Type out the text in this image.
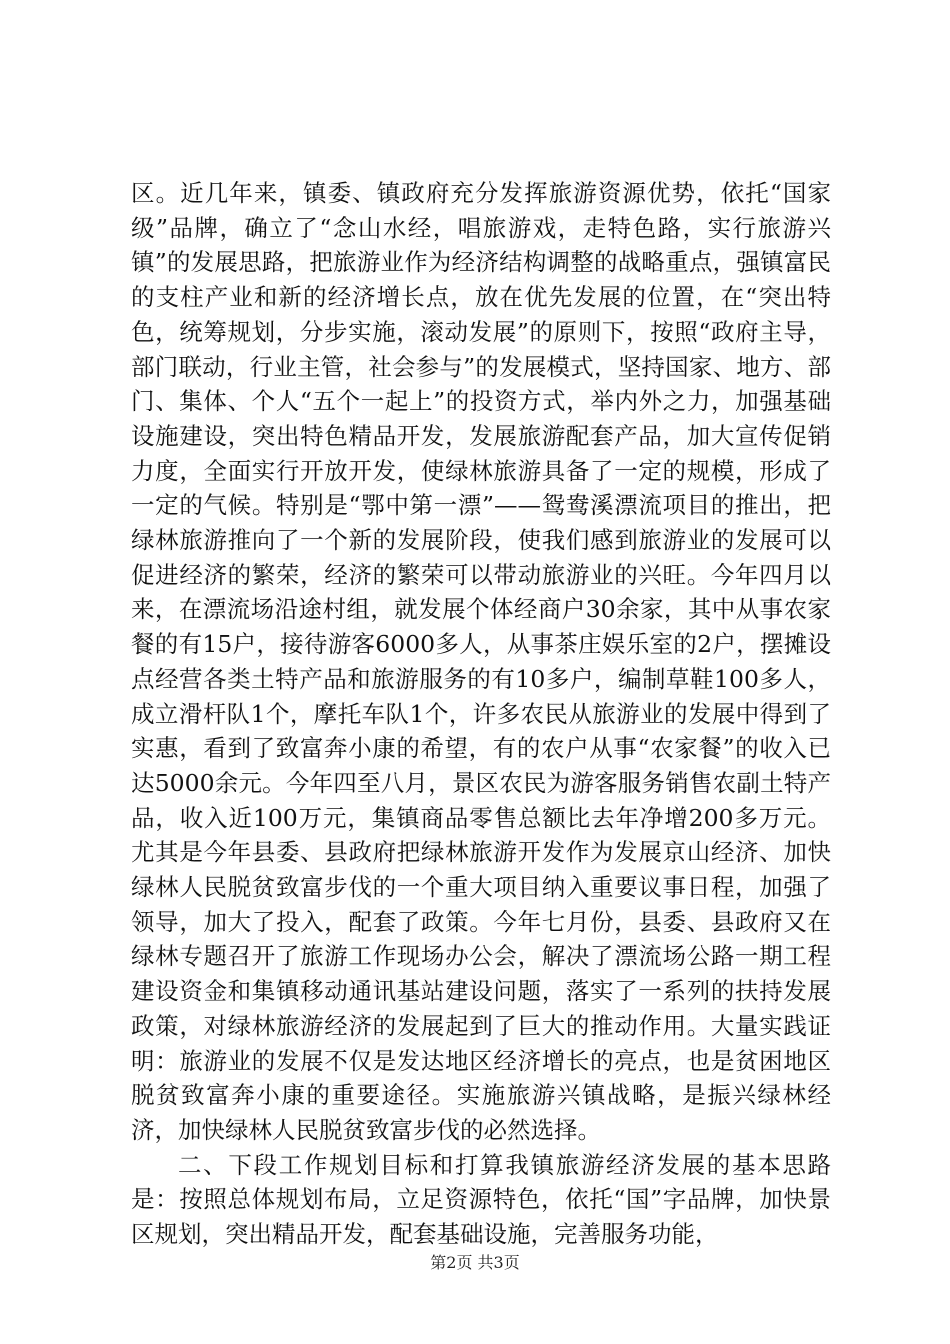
区。近几年来，镇委、镇政府充分发挥旅游资源优势，依托“国家级”品牌，确立了“念山水经，唱旅游戏，走特色路，实行旅游兴镇”的发展思路，把旅游业作为经济结构调整的战略重点，强镇富民的支柱产业和新的经济增长点，放在优先发展的位置，在“突出特色，统筹规划，分步实施，滚动发展”的原则下，按照“政府主导，部门联动，行业主管，社会参与”的发展模式，坚持国家、地方、部门、集体、个人“五个一起上”的投资方式，举内外之力，加强基础设施建设，突出特色精品开发，发展旅游配套产品，加大宣传促销力度，全面实行开放开发，使绿林旅游具备了一定的规模，形成了一定的气候。特别是“鄂中第一漂”——鸳鸯溪漂流项目的推出，把绿林旅游推向了一个新的发展阶段，使我们感到旅游业的发展可以促进经济的繁荣，经济的繁荣可以带动旅游业的兴旺。今年四月以来，在漂流场沿途村组，就发展个体经商户30余家，其中从事农家餐的有15户，接待游客6000多人，从事茶庄娱乐室的2户，摆摊设点经营各类土特产品和旅游服务的有10多户，编制草鞋100多人，成立滑杆队1个，摩托车队1个，许多农民从旅游业的发展中得到了实惠，看到了致富奔小康的希望，有的农户从事“农家餐”的收入已达5000余元。今年四至八月，景区农民为游客服务销售农副土特产品，收入近100万元，集镇商品零售总额比去年净增200多万元。尤其是今年县委、县政府把绿林旅游开发作为发展京山经济、加快绿林人民脱贫致富步伐的一个重大项目纳入重要议事日程，加强了领导，加大了投入，配套了政策。今年七月份，县委、县政府又在绿林专题召开了旅游工作现场办公会，解决了漂流场公路一期工程建设资金和集镇移动通讯基站建设问题，落实了一系列的扶持发展政策，对绿林旅游经济的发展起到了巨大的推动作用。大量实践证明：旅游业的发展不仅是发达地区经济增长的亮点，也是贫困地区脱贫致富奔小康的重要途径。实施旅游兴镇战略，是振兴绿林经济，加快绿林人民脱贫致富步伐的必然选择。

二、下段工作规划目标和打算我镇旅游经济发展的基本思路是：按照总体规划布局，立足资源特色，依托“国”字品牌，加快景区规划，突出精品开发，配套基础设施，完善服务功能，

第2页 共3页
